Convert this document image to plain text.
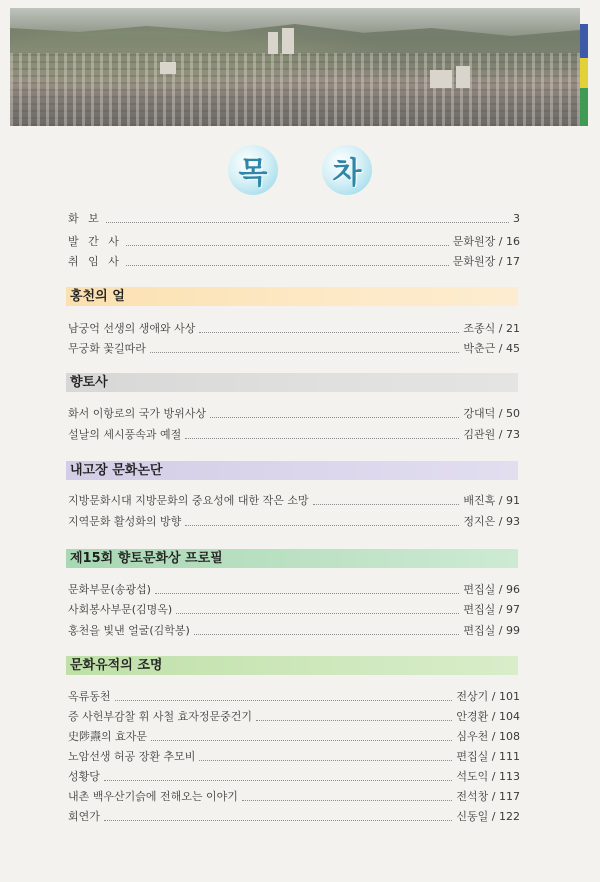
목	차
화 보	3
발 간 사	문화원장 / 16
취 임 사	문화원장 / 17
홍천의 얼
남궁억 선생의 생애와 사상	조종식 / 21
무궁화 꽃길따라	박춘근 / 45
향토사
화서 이항로의 국가 방위사상	강대덕 / 50
설날의 세시풍속과 예절	김관원 / 73
내고장 문화논단
지방문화시대 지방문화의 중요성에 대한 작은 소망	배진혹 / 91
지역문화 활성화의 방향	정지은 / 93
제15회 향토문화상 프로필
문화부문(송광섭)	편집실 / 96
사회봉사부문(김명옥)	편집실 / 97
홍천을 빛낸 얼굴(김학봉)	편집실 / 99
문화유적의 조명
옥류동천	전상기 / 101
증 사헌부감찰 휘 사철 효자정문중건기	안경환 / 104
史陟燾의 효자문	심우천 / 108
노암선생 허공 장환 추모비	편집실 / 111
성황당	석도익 / 113
내촌 백우산기슭에 전해오는 이야기	전석창 / 117
회연가	신동일 / 122
